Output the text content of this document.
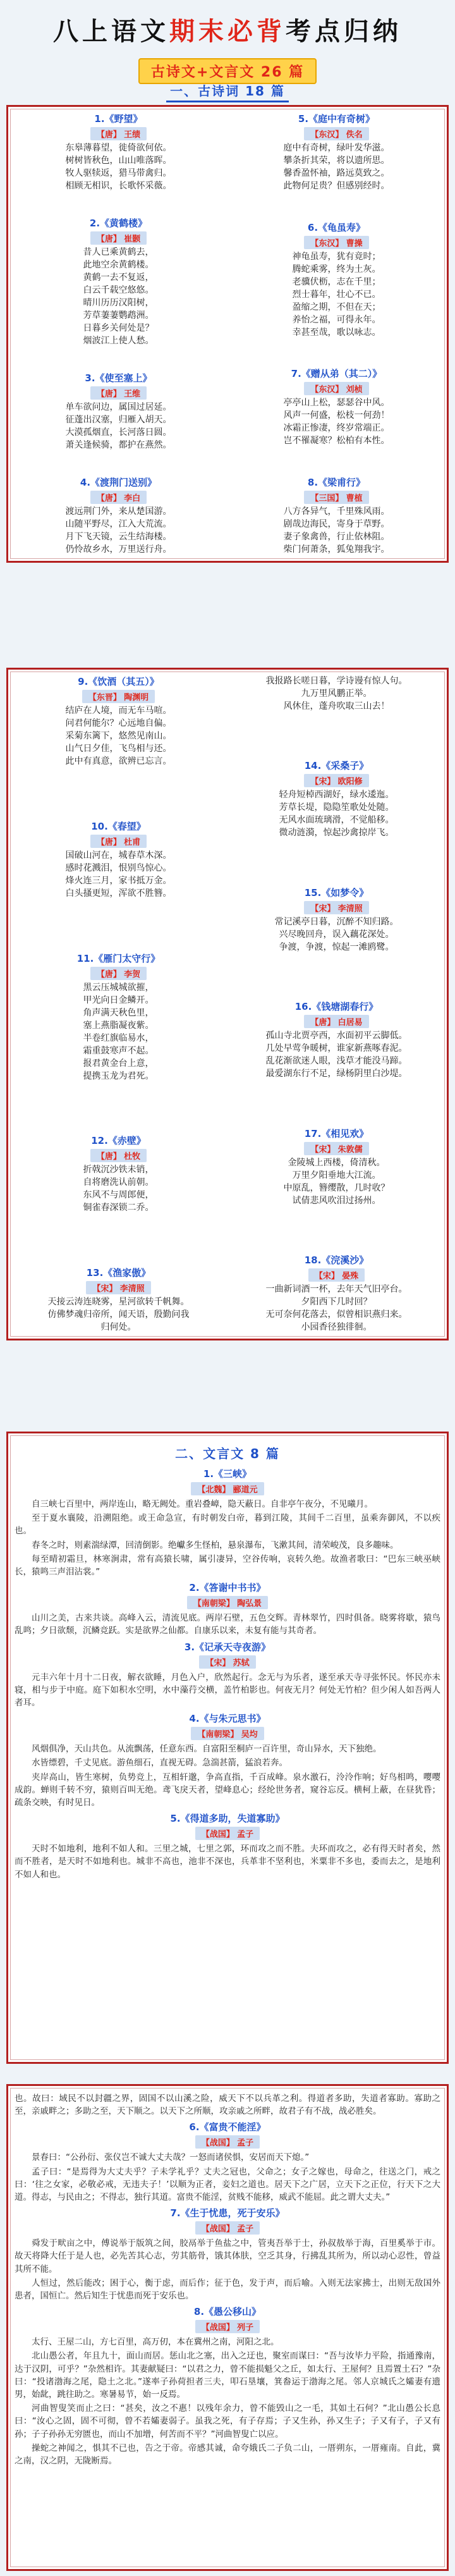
八上语文期末必背考点归纳
古诗文+文言文 26 篇
一、古诗词 18 篇
1.《野望》
【唐】 王绩
东皋薄暮望，徙倚欲何依。
树树皆秋色，山山唯落晖。
牧人驱犊返，猎马带禽归。
相顾无相识，长歌怀采薇。
2.《黄鹤楼》
【唐】 崔颢
昔人已乘黄鹤去，
此地空余黄鹤楼。
黄鹤一去不复返，
白云千载空悠悠。
晴川历历汉阳树，
芳草萋萋鹦鹉洲。
日暮乡关何处是？
烟波江上使人愁。
3.《使至塞上》
【唐】 王维
单车欲问边，属国过居延。
征蓬出汉塞，归雁入胡天。
大漠孤烟直，长河落日圆。
萧关逢候骑，都护在燕然。
4.《渡荆门送别》
【唐】 李白
渡远荆门外，来从楚国游。
山随平野尽，江入大荒流。
月下飞天镜，云生结海楼。
仍怜故乡水，万里送行舟。
5.《庭中有奇树》
【东汉】 佚名
庭中有奇树，绿叶发华滋。
攀条折其荣，将以遗所思。
馨香盈怀袖，路远莫致之。
此物何足贵？但感别经时。
6.《龟虽寿》
【东汉】 曹操
神龟虽寿，犹有竟时；
腾蛇乘雾，终为土灰。
老骥伏枥，志在千里；
烈士暮年，壮心不已。
盈缩之期，不但在天；
养怡之福，可得永年。
幸甚至哉，歌以咏志。
7.《赠从弟（其二）》
【东汉】 刘桢
亭亭山上松，瑟瑟谷中风。
风声一何盛，松枝一何劲！
冰霜正惨凄，终岁常端正。
岂不罹凝寒？松柏有本性。
8.《梁甫行》
【三国】 曹植
八方各异气，千里殊风雨。
剧哉边海民，寄身于草野。
妻子象禽兽，行止依林阻。
柴门何萧条，狐兔翔我宇。
9.《饮酒（其五）》
【东晋】 陶渊明
结庐在人境，而无车马喧。
问君何能尔？心远地自偏。
采菊东篱下，悠然见南山。
山气日夕佳，飞鸟相与还。
此中有真意，欲辨已忘言。
10.《春望》
【唐】 杜甫
国破山河在，城春草木深。
感时花溅泪，恨别鸟惊心。
烽火连三月，家书抵万金。
白头搔更短，浑欲不胜簪。
11.《雁门太守行》
【唐】 李贺
黑云压城城欲摧，
甲光向日金鳞开。
角声满天秋色里，
塞上燕脂凝夜紫。
半卷红旗临易水，
霜重鼓寒声不起。
报君黄金台上意，
提携玉龙为君死。
12.《赤壁》
【唐】 杜牧
折戟沉沙铁未销，
自将磨洗认前朝。
东风不与周郎便，
铜雀春深锁二乔。
13.《渔家傲》
【宋】 李清照
天接云涛连晓雾，星河欲转千帆舞。
仿佛梦魂归帝所，闻天语，殷勤问我
归何处。
我报路长嗟日暮，学诗谩有惊人句。
九万里风鹏正举。
风休住，蓬舟吹取三山去！
14.《采桑子》
【宋】 欧阳修
轻舟短棹西湖好，绿水逶迤。
芳草长堤，隐隐笙歌处处随。
无风水面琉璃滑，不觉船移。
微动涟漪，惊起沙禽掠岸飞。
15.《如梦令》
【宋】 李清照
常记溪亭日暮，沉醉不知归路。
兴尽晚回舟，误入藕花深处。
争渡，争渡，惊起一滩鸥鹭。
16.《钱塘湖春行》
【唐】 白居易
孤山寺北贾亭西，水面初平云脚低。
几处早莺争暖树，谁家新燕啄春泥。
乱花渐欲迷人眼，浅草才能没马蹄。
最爱湖东行不足，绿杨阴里白沙堤。
17.《相见欢》
【宋】 朱敦儒
金陵城上西楼，倚清秋。
万里夕阳垂地大江流。
中原乱，簪缨散，几时收？
试倩悲风吹泪过扬州。
18.《浣溪沙》
【宋】 晏殊
一曲新词酒一杯，去年天气旧亭台。
夕阳西下几时回？
无可奈何花落去，似曾相识燕归来。
小园香径独徘徊。
二、文言文 8 篇
1.《三峡》
【北魏】 郦道元

自三峡七百里中，两岸连山，略无阙处。重岩叠嶂，隐天蔽日。自非亭午夜分，不见曦月。

至于夏水襄陵，沿溯阻绝。或王命急宣，有时朝发白帝，暮到江陵，其间千二百里，虽乘奔御风，不以疾也。

春冬之时，则素湍绿潭，回清倒影。绝巘多生怪柏，悬泉瀑布，飞漱其间，清荣峻茂，良多趣味。

每至晴初霜旦，林寒涧肃，常有高猿长啸，属引凄异，空谷传响，哀转久绝。故渔者歌曰：“巴东三峡巫峡长，猿鸣三声泪沾裳。”

2.《答谢中书书》
【南朝梁】 陶弘景

山川之美，古来共谈。高峰入云，清流见底。两岸石壁，五色交辉。青林翠竹，四时俱备。晓雾将歇，猿鸟乱鸣；夕日欲颓，沉鳞竞跃。实是欲界之仙都。自康乐以来，未复有能与其奇者。

3.《记承天寺夜游》
【宋】 苏轼

元丰六年十月十二日夜，解衣欲睡，月色入户，欣然起行。念无与为乐者，遂至承天寺寻张怀民。怀民亦未寝，相与步于中庭。庭下如积水空明，水中藻荇交横，盖竹柏影也。何夜无月？何处无竹柏？但少闲人如吾两人者耳。

4.《与朱元思书》
【南朝梁】 吴均

风烟俱净，天山共色。从流飘荡，任意东西。自富阳至桐庐一百许里，奇山异水，天下独绝。

水皆缥碧，千丈见底。游鱼细石，直视无碍。急湍甚箭，猛浪若奔。

夹岸高山，皆生寒树，负势竞上，互相轩邈，争高直指，千百成峰。泉水激石，泠泠作响；好鸟相鸣，嘤嘤成韵。蝉则千转不穷，猿则百叫无绝。鸢飞戾天者，望峰息心；经纶世务者，窥谷忘反。横柯上蔽，在昼犹昏；疏条交映，有时见日。

5.《得道多助，失道寡助》
【战国】 孟子

天时不如地利，地利不如人和。三里之城，七里之郭，环而攻之而不胜。夫环而攻之，必有得天时者矣，然而不胜者，是天时不如地利也。城非不高也，池非不深也，兵革非不坚利也，米粟非不多也，委而去之，是地利不如人和也。

也。故曰：域民不以封疆之界，固国不以山溪之险，威天下不以兵革之利。得道者多助，失道者寡助。寡助之至，亲戚畔之；多助之至，天下顺之。以天下之所顺，攻亲戚之所畔，故君子有不战，战必胜矣。

6.《富贵不能淫》
【战国】 孟子

景春曰：“公孙衍、张仪岂不诚大丈夫哉？一怒而诸侯惧，安居而天下熄。”

孟子曰：“是焉得为大丈夫乎？子未学礼乎？丈夫之冠也，父命之；女子之嫁也，母命之，往送之门，戒之曰：‘往之女家，必敬必戒，无违夫子！’以顺为正者，妾妇之道也。居天下之广居，立天下之正位，行天下之大道。得志，与民由之；不得志，独行其道。富贵不能淫，贫贱不能移，威武不能屈。此之谓大丈夫。”

7.《生于忧患，死于安乐》
【战国】 孟子

舜发于畎亩之中，傅说举于版筑之间，胶鬲举于鱼盐之中，管夷吾举于士，孙叔敖举于海，百里奚举于市。故天将降大任于是人也，必先苦其心志，劳其筋骨，饿其体肤，空乏其身，行拂乱其所为，所以动心忍性，曾益其所不能。

人恒过，然后能改；困于心，衡于虑，而后作；征于色，发于声，而后喻。入则无法家拂士，出则无敌国外患者，国恒亡。然后知生于忧患而死于安乐也。

8.《愚公移山》
【战国】 列子

太行、王屋二山，方七百里，高万仞，本在冀州之南，河阳之北。

北山愚公者，年且九十，面山而居。惩山北之塞，出入之迂也，聚室而谋曰：“吾与汝毕力平险，指通豫南，达于汉阴，可乎？”杂然相许。其妻献疑曰：“以君之力，曾不能损魁父之丘，如太行、王屋何？且焉置土石？”杂曰：“投诸渤海之尾，隐土之北。”遂率子孙荷担者三夫，叩石垦壤，箕畚运于渤海之尾。邻人京城氏之孀妻有遗男，始龀，跳往助之。寒暑易节，始一反焉。

河曲智叟笑而止之曰：“甚矣，汝之不惠！以残年余力，曾不能毁山之一毛，其如土石何？”北山愚公长息曰：“汝心之固，固不可彻，曾不若孀妻弱子。虽我之死，有子存焉；子又生孙，孙又生子；子又有子，子又有孙；子子孙孙无穷匮也，而山不加增，何苦而不平？”河曲智叟亡以应。

操蛇之神闻之，惧其不已也，告之于帝。帝感其诚，命夸娥氏二子负二山，一厝朔东，一厝雍南。自此，冀之南，汉之阴，无陇断焉。
